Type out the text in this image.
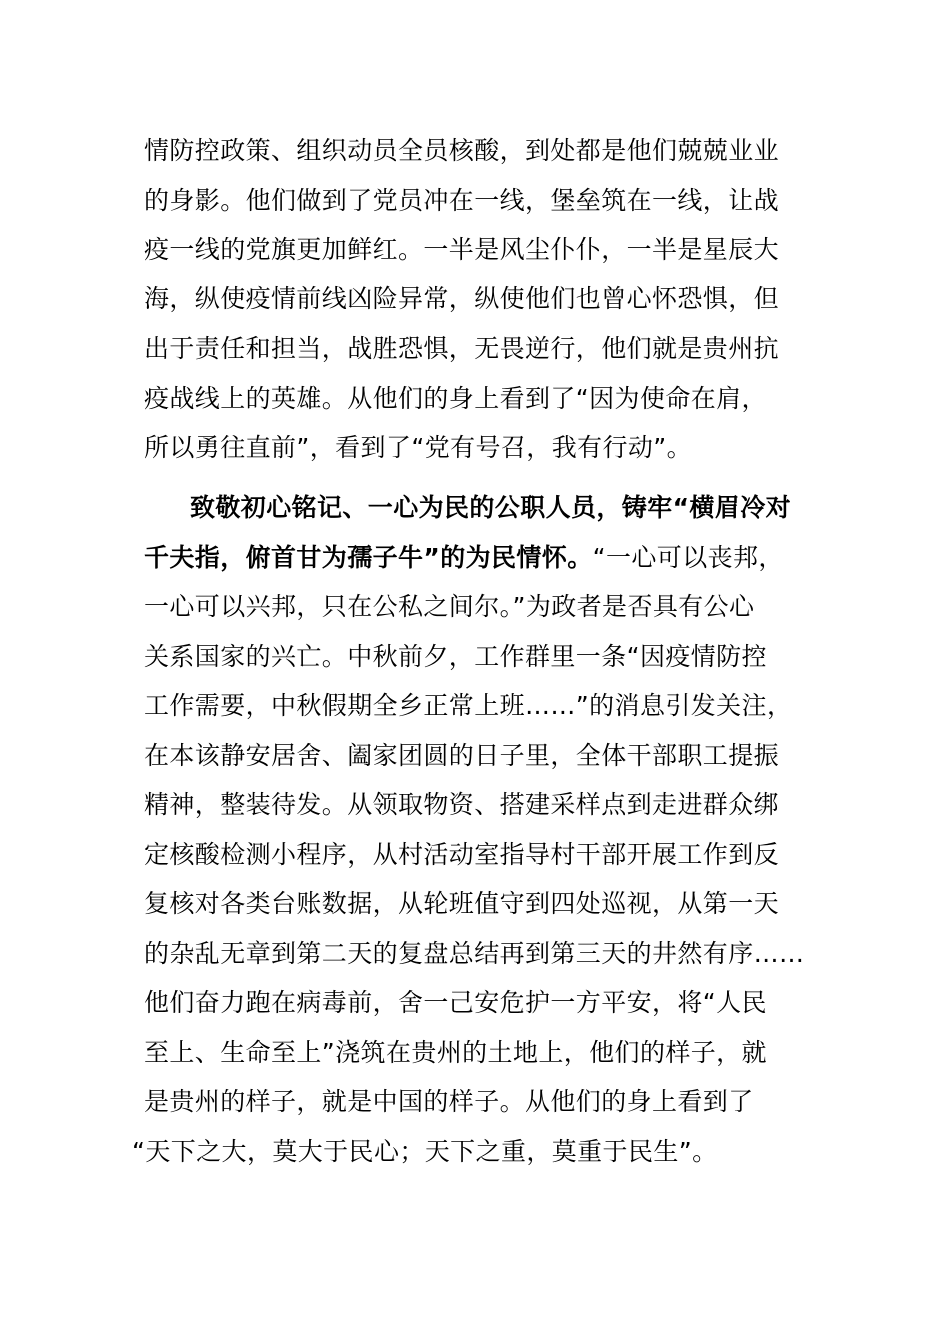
情防控政策、组织动员全员核酸，到处都是他们兢兢业业
的身影。他们做到了党员冲在一线，堡垒筑在一线，让战
疫一线的党旗更加鲜红。一半是风尘仆仆，一半是星辰大
海，纵使疫情前线凶险异常，纵使他们也曾心怀恐惧，但
出于责任和担当，战胜恐惧，无畏逆行，他们就是贵州抗
疫战线上的英雄。从他们的身上看到了“因为使命在肩，
所以勇往直前”，看到了“党有号召，我有行动”。
致敬初心铭记、一心为民的公职人员，铸牢“横眉冷对
千夫指，俯首甘为孺子牛”的为民情怀。“一心可以丧邦，
一心可以兴邦，只在公私之间尔。”为政者是否具有公心
关系国家的兴亡。中秋前夕，工作群里一条“因疫情防控
工作需要，中秋假期全乡正常上班……”的消息引发关注，
在本该静安居舍、阖家团圆的日子里，全体干部职工提振
精神，整装待发。从领取物资、搭建采样点到走进群众绑
定核酸检测小程序，从村活动室指导村干部开展工作到反
复核对各类台账数据，从轮班值守到四处巡视，从第一天
的杂乱无章到第二天的复盘总结再到第三天的井然有序……
他们奋力跑在病毒前，舍一己安危护一方平安，将“人民
至上、生命至上”浇筑在贵州的土地上，他们的样子，就
是贵州的样子，就是中国的样子。从他们的身上看到了
“天下之大，莫大于民心；天下之重，莫重于民生”。
